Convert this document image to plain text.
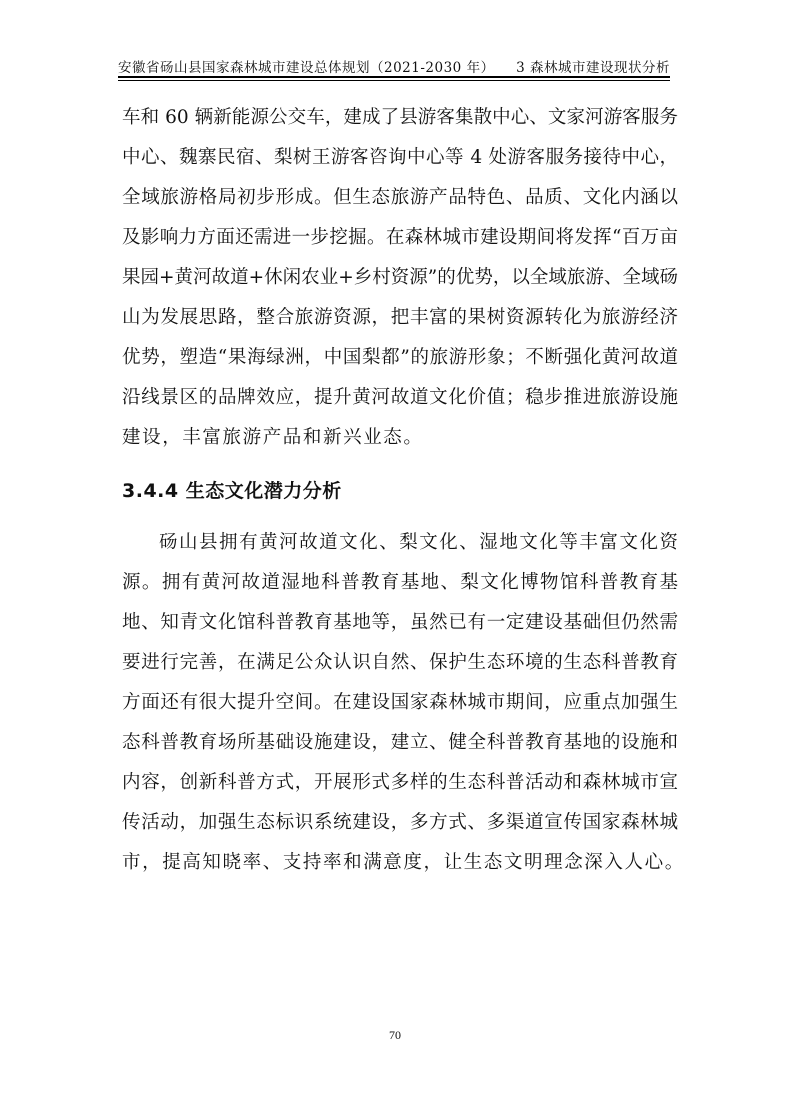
安徽省砀山县国家森林城市建设总体规划（2021-2030 年） 3 森林城市建设现状分析
车和 60 辆新能源公交车，建成了县游客集散中心、文家河游客服务
中心、魏寨民宿、梨树王游客咨询中心等 4 处游客服务接待中心，
全域旅游格局初步形成。但生态旅游产品特色、品质、文化内涵以
及影响力方面还需进一步挖掘。在森林城市建设期间将发挥“百万亩
果园+黄河故道+休闲农业+乡村资源”的优势，以全域旅游、全域砀
山为发展思路，整合旅游资源，把丰富的果树资源转化为旅游经济
优势，塑造“果海绿洲，中国梨都”的旅游形象；不断强化黄河故道
沿线景区的品牌效应，提升黄河故道文化价值；稳步推进旅游设施
建设，丰富旅游产品和新兴业态。
3.4.4 生态文化潜力分析
砀山县拥有黄河故道文化、梨文化、湿地文化等丰富文化资
源。拥有黄河故道湿地科普教育基地、梨文化博物馆科普教育基
地、知青文化馆科普教育基地等，虽然已有一定建设基础但仍然需
要进行完善，在满足公众认识自然、保护生态环境的生态科普教育
方面还有很大提升空间。在建设国家森林城市期间，应重点加强生
态科普教育场所基础设施建设，建立、健全科普教育基地的设施和
内容，创新科普方式，开展形式多样的生态科普活动和森林城市宣
传活动，加强生态标识系统建设，多方式、多渠道宣传国家森林城
市，提高知晓率、支持率和满意度，让生态文明理念深入人心。
70
